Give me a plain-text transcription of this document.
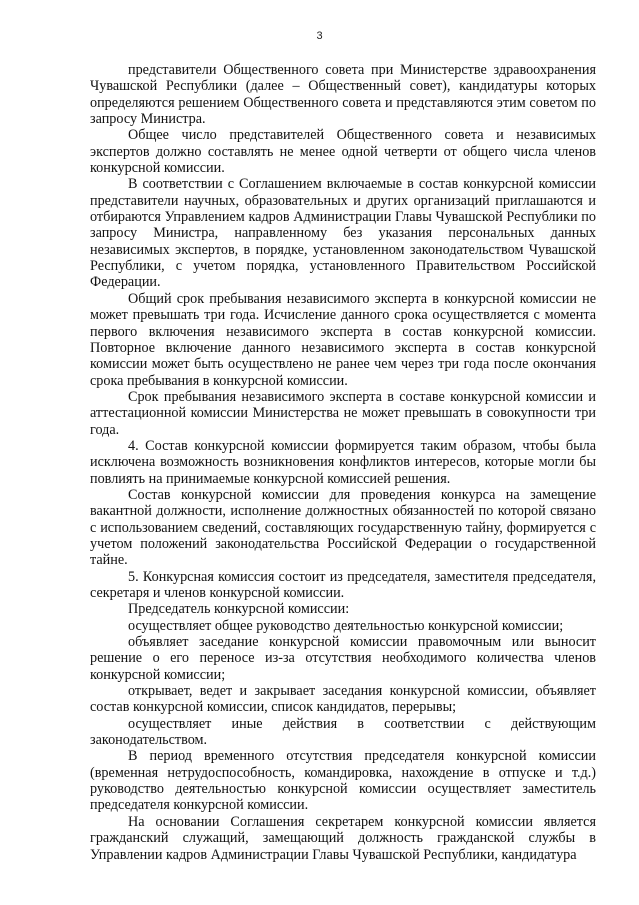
3

представители Общественного совета при Министерстве здравоохранения Чувашской Республики (далее – Общественный совет), кандидатуры которых определяются решением Общественного совета и представляются этим советом по запросу Министра.

Общее число представителей Общественного совета и независимых экспертов должно составлять не менее одной четверти от общего числа членов конкурсной комиссии.

В соответствии с Соглашением включаемые в состав конкурсной комиссии представители научных, образовательных и других организаций приглашаются и отбираются Управлением кадров Администрации Главы Чувашской Республики по запросу Министра, направленному без указания персональных данных независимых экспертов, в порядке, установленном законодательством Чувашской Республики, с учетом порядка, установленного Правительством Российской Федерации.

Общий срок пребывания независимого эксперта в конкурсной комиссии не может превышать три года. Исчисление данного срока осуществляется с момента первого включения независимого эксперта в состав конкурсной комиссии. Повторное включение данного независимого эксперта в состав конкурсной комиссии может быть осуществлено не ранее чем через три года после окончания срока пребывания в конкурсной комиссии.

Срок пребывания независимого эксперта в составе конкурсной комиссии и аттестационной комиссии Министерства не может превышать в совокупности три года.

4. Состав конкурсной комиссии формируется таким образом, чтобы была исключена возможность возникновения конфликтов интересов, которые могли бы повлиять на принимаемые конкурсной комиссией решения.

Состав конкурсной комиссии для проведения конкурса на замещение вакантной должности, исполнение должностных обязанностей по которой связано с использованием сведений, составляющих государственную тайну, формируется с учетом положений законодательства Российской Федерации о государственной тайне.

5. Конкурсная комиссия состоит из председателя, заместителя председателя, секретаря и членов конкурсной комиссии.

Председатель конкурсной комиссии:

осуществляет общее руководство деятельностью конкурсной комиссии;

объявляет заседание конкурсной комиссии правомочным или выносит решение о его переносе из-за отсутствия необходимого количества членов конкурсной комиссии;

открывает, ведет и закрывает заседания конкурсной комиссии, объявляет состав конкурсной комиссии, список кандидатов, перерывы;

осуществляет иные действия в соответствии с действующим законодательством.

В период временного отсутствия председателя конкурсной комиссии (временная нетрудоспособность, командировка, нахождение в отпуске и т.д.) руководство деятельностью конкурсной комиссии осуществляет заместитель председателя конкурсной комиссии.

На основании Соглашения секретарем конкурсной комиссии является гражданский служащий, замещающий должность гражданской службы в Управлении кадров Администрации Главы Чувашской Республики, кандидатура
